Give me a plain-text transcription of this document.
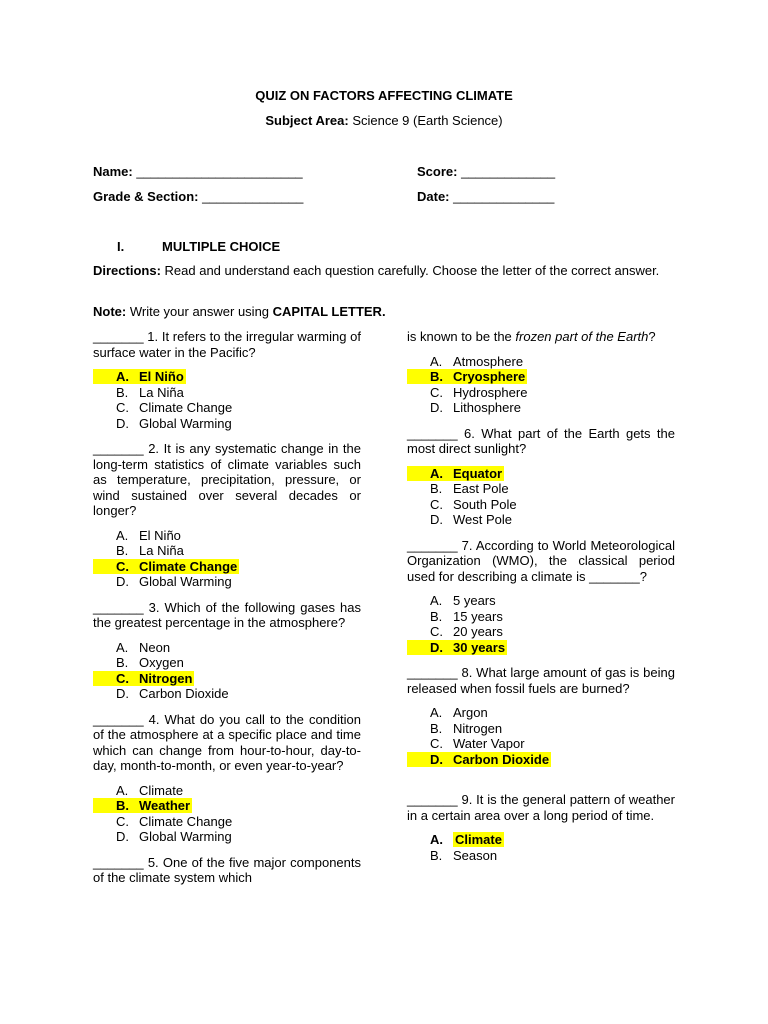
QUIZ ON FACTORS AFFECTING CLIMATE
Subject Area: Science 9 (Earth Science)
Name: _______________________	Score: _____________
Grade & Section: ______________	Date: ______________
I.	MULTIPLE CHOICE
Directions: Read and understand each question carefully. Choose the letter of the correct answer.
Note: Write your answer using CAPITAL LETTER.
_______ 1. It refers to the irregular warming of surface water in the Pacific?
A. El Niño
B. La Niña
C. Climate Change
D. Global Warming
_______ 2. It is any systematic change in the long-term statistics of climate variables such as temperature, precipitation, pressure, or wind sustained over several decades or longer?
A. El Niño
B. La Niña
C. Climate Change
D. Global Warming
_______ 3. Which of the following gases has the greatest percentage in the atmosphere?
A. Neon
B. Oxygen
C. Nitrogen
D. Carbon Dioxide
_______ 4. What do you call to the condition of the atmosphere at a specific place and time which can change from hour-to-hour, day-to-day, month-to-month, or even year-to-year?
A. Climate
B. Weather
C. Climate Change
D. Global Warming
_______ 5. One of the five major components of the climate system which
is known to be the frozen part of the Earth?
A. Atmosphere
B. Cryosphere
C. Hydrosphere
D. Lithosphere
_______ 6. What part of the Earth gets the most direct sunlight?
A. Equator
B. East Pole
C. South Pole
D. West Pole
_______ 7. According to World Meteorological Organization (WMO), the classical period used for describing a climate is _______?
A. 5 years
B. 15 years
C. 20 years
D. 30 years
_______ 8. What large amount of gas is being released when fossil fuels are burned?
A. Argon
B. Nitrogen
C. Water Vapor
D. Carbon Dioxide
_______ 9. It is the general pattern of weather in a certain area over a long period of time.
A. Climate
B. Season
